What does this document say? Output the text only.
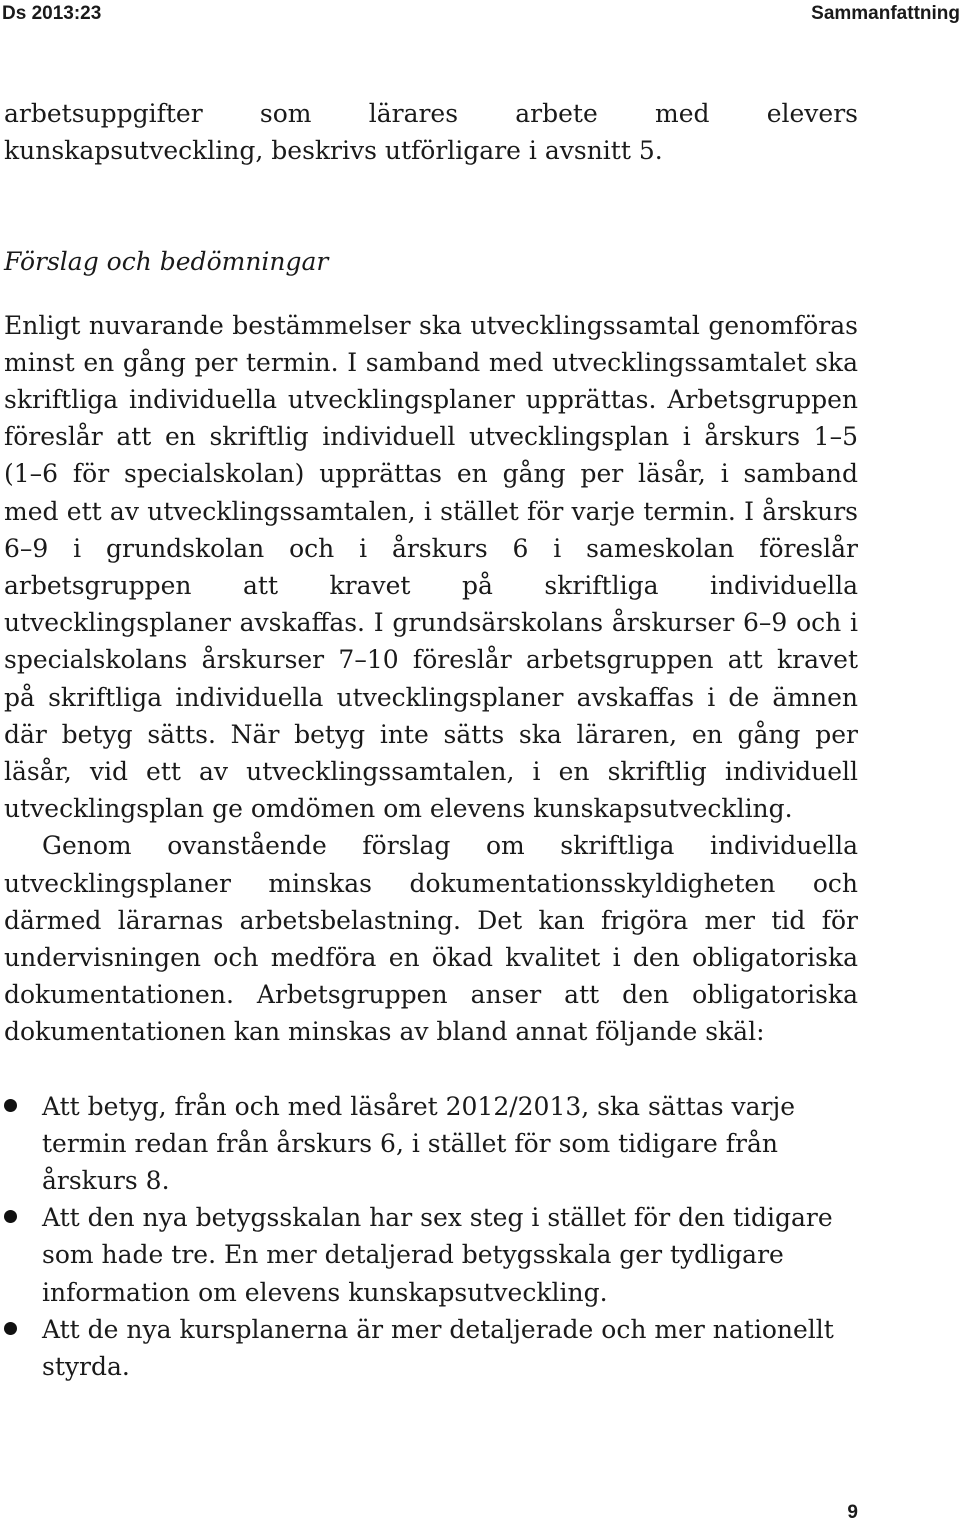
Ds 2013:23	Sammanfattning

arbetsuppgifter som lärares arbete med elevers kunskapsutveckling, beskrivs utförligare i avsnitt 5.

Förslag och bedömningar

Enligt nuvarande bestämmelser ska utvecklingssamtal genomföras minst en gång per termin. I samband med utvecklingssamtalet ska skriftliga individuella utvecklingsplaner upprättas. Arbetsgruppen föreslår att en skriftlig individuell utvecklingsplan i årskurs 1–5 (1–6 för specialskolan) upprättas en gång per läsår, i samband med ett av utvecklingssamtalen, i stället för varje termin. I årskurs 6–9 i grundskolan och i årskurs 6 i sameskolan föreslår arbetsgruppen att kravet på skriftliga individuella utvecklingsplaner avskaffas. I grundsärskolans årskurser 6–9 och i specialskolans årskurser 7–10 föreslår arbetsgruppen att kravet på skriftliga individuella utvecklingsplaner avskaffas i de ämnen där betyg sätts. När betyg inte sätts ska läraren, en gång per läsår, vid ett av utvecklingssamtalen, i en skriftlig individuell utvecklingsplan ge omdömen om elevens kunskapsutveckling.

Genom ovanstående förslag om skriftliga individuella utvecklingsplaner minskas dokumentationsskyldigheten och därmed lärarnas arbetsbelastning. Det kan frigöra mer tid för undervisningen och medföra en ökad kvalitet i den obligatoriska dokumentationen. Arbetsgruppen anser att den obligatoriska dokumentationen kan minskas av bland annat följande skäl:

Att betyg, från och med läsåret 2012/2013, ska sättas varje termin redan från årskurs 6, i stället för som tidigare från årskurs 8.
Att den nya betygsskalan har sex steg i stället för den tidigare som hade tre. En mer detaljerad betygsskala ger tydligare information om elevens kunskapsutveckling.
Att de nya kursplanerna är mer detaljerade och mer nationellt styrda.
9
